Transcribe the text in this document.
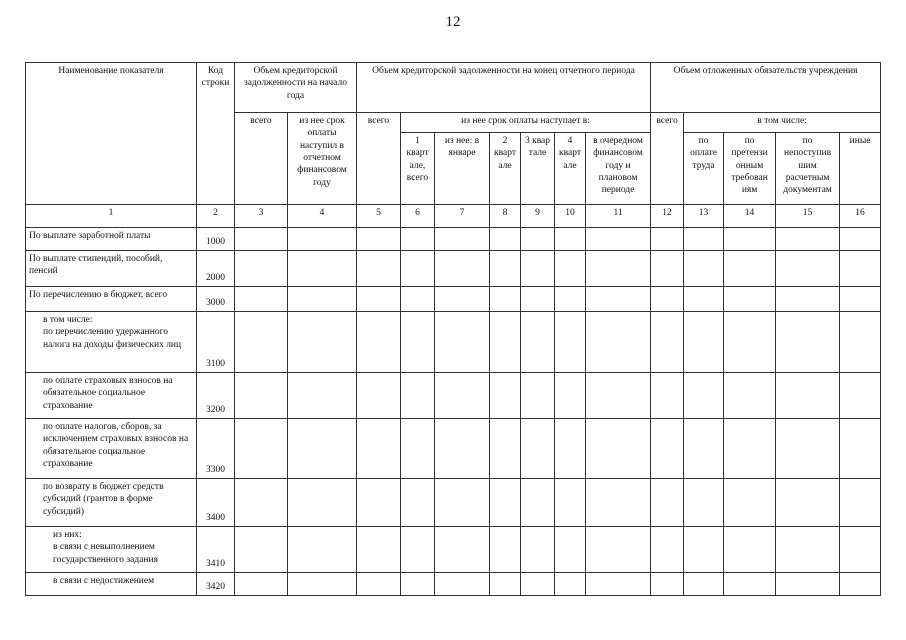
12
Наименование показателя	Код строки	Объем кредиторской задолженности на начало года		Объем кредиторской задолженности на конец отчетного периода							Объем отложенных обязательств учреждения				
		всего	из нее срок оплаты наступил в отчетном финансовом году	всего	из нее срок оплаты наступает в:						всего	в том числе:			
					1 кварт але, всего	из нее: в январе	2 кварт але	3 квар тале	4 кварт але	в очередном финансовом году и плановом периоде		по оплате труда	по претензи онным требован иям	по непоступив шим расчетным документам	иные
1	2	3	4	5	6	7	8	9	10	11	12	13	14	15	16
По выплате заработной платы	1000														
По выплате стипендий, пособий, пенсий	2000														
По перечислению в бюджет, всего	3000														

в том числе:
по перечислению удержанного налога на доходы физических лиц	3100														
по оплате страховых взносов на обязательное социальное страхование	3200														
по оплате налогов, сборов, за исключением страховых взносов на обязательное социальное страхование	3300														
по возврату в бюджет средств субсидий (грантов в форме субсидий)	3400														

из них:
в связи с невыполнением государственного задания	3410														
в связи с недостижением	3420														
